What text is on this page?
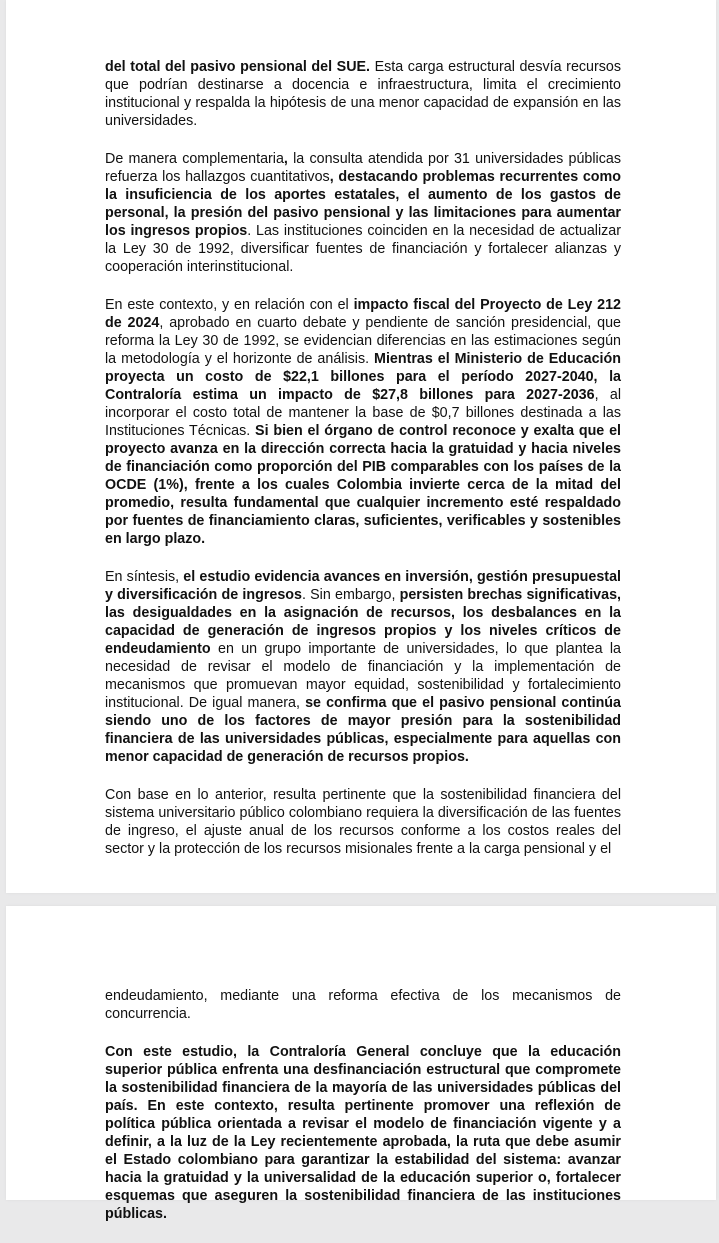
del total del pasivo pensional del SUE. Esta carga estructural desvía recursos que podrían destinarse a docencia e infraestructura, limita el crecimiento institucional y respalda la hipótesis de una menor capacidad de expansión en las universidades.

De manera complementaria, la consulta atendida por 31 universidades públicas refuerza los hallazgos cuantitativos, destacando problemas recurrentes como la insuficiencia de los aportes estatales, el aumento de los gastos de personal, la presión del pasivo pensional y las limitaciones para aumentar los ingresos propios. Las instituciones coinciden en la necesidad de actualizar la Ley 30 de 1992, diversificar fuentes de financiación y fortalecer alianzas y cooperación interinstitucional.

En este contexto, y en relación con el impacto fiscal del Proyecto de Ley 212 de 2024, aprobado en cuarto debate y pendiente de sanción presidencial, que reforma la Ley 30 de 1992, se evidencian diferencias en las estimaciones según la metodología y el horizonte de análisis. Mientras el Ministerio de Educación proyecta un costo de $22,1 billones para el período 2027-2040, la Contraloría estima un impacto de $27,8 billones para 2027-2036, al incorporar el costo total de mantener la base de $0,7 billones destinada a las Instituciones Técnicas. Si bien el órgano de control reconoce y exalta que el proyecto avanza en la dirección correcta hacia la gratuidad y hacia niveles de financiación como proporción del PIB comparables con los países de la OCDE (1%), frente a los cuales Colombia invierte cerca de la mitad del promedio, resulta fundamental que cualquier incremento esté respaldado por fuentes de financiamiento claras, suficientes, verificables y sostenibles en largo plazo.

En síntesis, el estudio evidencia avances en inversión, gestión presupuestal y diversificación de ingresos. Sin embargo, persisten brechas significativas, las desigualdades en la asignación de recursos, los desbalances en la capacidad de generación de ingresos propios y los niveles críticos de endeudamiento en un grupo importante de universidades, lo que plantea la necesidad de revisar el modelo de financiación y la implementación de mecanismos que promuevan mayor equidad, sostenibilidad y fortalecimiento institucional. De igual manera, se confirma que el pasivo pensional continúa siendo uno de los factores de mayor presión para la sostenibilidad financiera de las universidades públicas, especialmente para aquellas con menor capacidad de generación de recursos propios.

Con base en lo anterior, resulta pertinente que la sostenibilidad financiera del sistema universitario público colombiano requiera la diversificación de las fuentes de ingreso, el ajuste anual de los recursos conforme a los costos reales del sector y la protección de los recursos misionales frente a la carga pensional y el

endeudamiento, mediante una reforma efectiva de los mecanismos de concurrencia.

Con este estudio, la Contraloría General concluye que la educación superior pública enfrenta una desfinanciación estructural que compromete la sostenibilidad financiera de la mayoría de las universidades públicas del país. En este contexto, resulta pertinente promover una reflexión de política pública orientada a revisar el modelo de financiación vigente y a definir, a la luz de la Ley recientemente aprobada, la ruta que debe asumir el Estado colombiano para garantizar la estabilidad del sistema: avanzar hacia la gratuidad y la universalidad de la educación superior o, fortalecer esquemas que aseguren la sostenibilidad financiera de las instituciones públicas.
